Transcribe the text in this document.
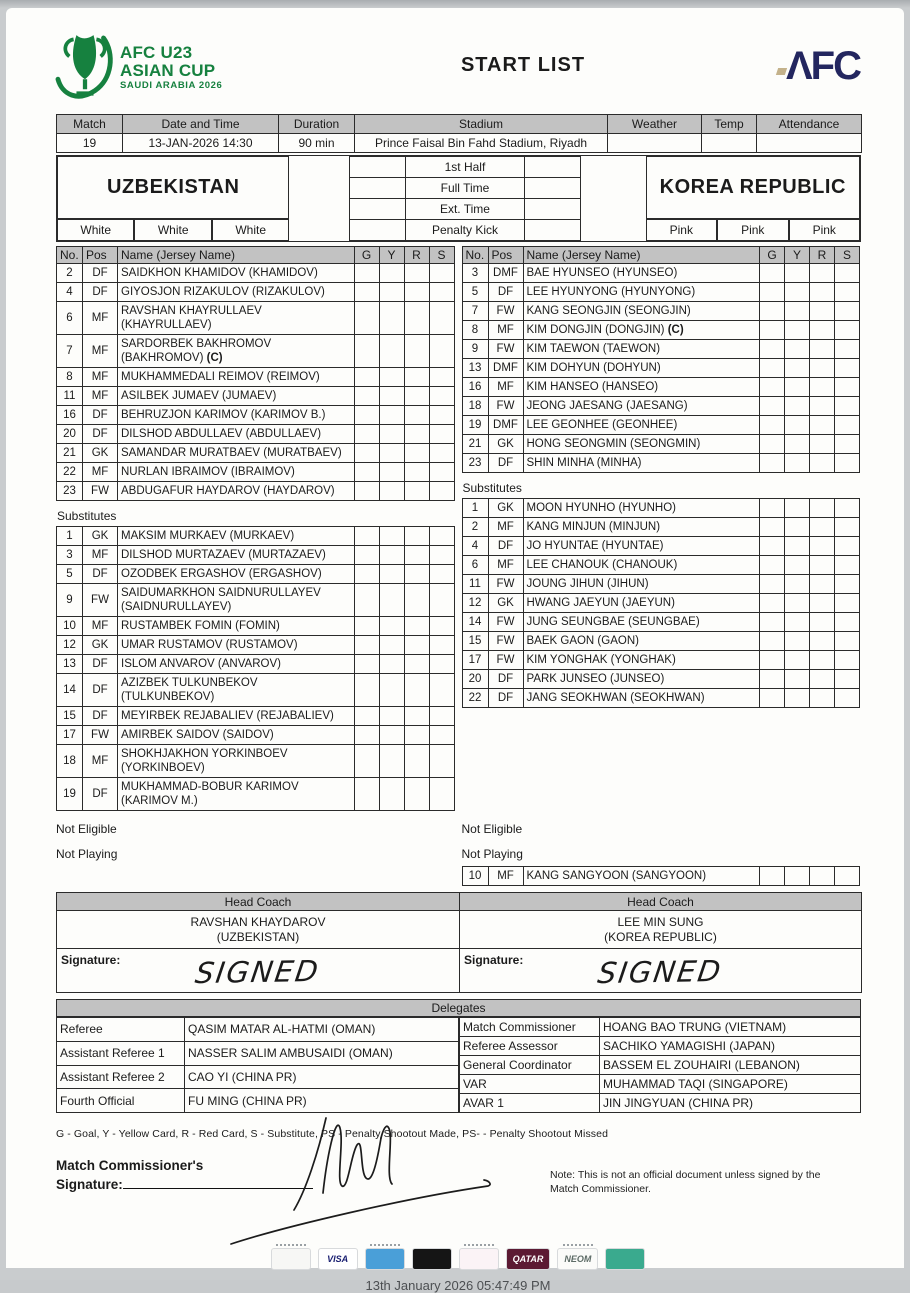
AFC U23
ASIAN CUP
SAUDI ARABIA 2026
START LIST	ΛFC
Match	Date and Time	Duration	Stadium	Weather	Temp	Attendance
19	13-JAN-2026 14:30	90 min	Prince Faisal Bin Fahd Stadium, Riyadh			
UZBEKISTAN
White	White	White
	1st Half	
	Full Time	
	Ext. Time	
	Penalty Kick	
KOREA REPUBLIC
Pink	Pink	Pink
No.	Pos	Name (Jersey Name)	G	Y	R	S
2	DF	SAIDKHON KHAMIDOV (KHAMIDOV)				
4	DF	GIYOSJON RIZAKULOV (RIZAKULOV)				
6	MF	RAVSHAN KHAYRULLAEV (KHAYRULLAEV)				
7	MF	SARDORBEK BAKHROMOV (BAKHROMOV) (C)				
8	MF	MUKHAMMEDALI REIMOV (REIMOV)				
11	MF	ASILBEK JUMAEV (JUMAEV)				
16	DF	BEHRUZJON KARIMOV (KARIMOV B.)				
20	DF	DILSHOD ABDULLAEV (ABDULLAEV)				
21	GK	SAMANDAR MURATBAEV (MURATBAEV)				
22	MF	NURLAN IBRAIMOV (IBRAIMOV)				
23	FW	ABDUGAFUR HAYDAROV (HAYDAROV)				
Substitutes
1	GK	MAKSIM MURKAEV (MURKAEV)				
3	MF	DILSHOD MURTAZAEV (MURTAZAEV)				
5	DF	OZODBEK ERGASHOV (ERGASHOV)				
9	FW	SAIDUMARKHON SAIDNURULLAYEV (SAIDNURULLAYEV)				
10	MF	RUSTAMBEK FOMIN (FOMIN)				
12	GK	UMAR RUSTAMOV (RUSTAMOV)				
13	DF	ISLOM ANVAROV (ANVAROV)				
14	DF	AZIZBEK TULKUNBEKOV (TULKUNBEKOV)				
15	DF	MEYIRBEK REJABALIEV (REJABALIEV)				
17	FW	AMIRBEK SAIDOV (SAIDOV)				
18	MF	SHOKHJAKHON YORKINBOEV (YORKINBOEV)				
19	DF	MUKHAMMAD-BOBUR KARIMOV (KARIMOV M.)				
No.	Pos	Name (Jersey Name)	G	Y	R	S
3	DMF	BAE HYUNSEO (HYUNSEO)				
5	DF	LEE HYUNYONG (HYUNYONG)				
7	FW	KANG SEONGJIN (SEONGJIN)				
8	MF	KIM DONGJIN (DONGJIN) (C)				
9	FW	KIM TAEWON (TAEWON)				
13	DMF	KIM DOHYUN (DOHYUN)				
16	MF	KIM HANSEO (HANSEO)				
18	FW	JEONG JAESANG (JAESANG)				
19	DMF	LEE GEONHEE (GEONHEE)				
21	GK	HONG SEONGMIN (SEONGMIN)				
23	DF	SHIN MINHA (MINHA)				
Substitutes
1	GK	MOON HYUNHO (HYUNHO)				
2	MF	KANG MINJUN (MINJUN)				
4	DF	JO HYUNTAE (HYUNTAE)				
6	MF	LEE CHANOUK (CHANOUK)				
11	FW	JOUNG JIHUN (JIHUN)				
12	GK	HWANG JAEYUN (JAEYUN)				
14	FW	JUNG SEUNGBAE (SEUNGBAE)				
15	FW	BAEK GAON (GAON)				
17	FW	KIM YONGHAK (YONGHAK)				
20	DF	PARK JUNSEO (JUNSEO)				
22	DF	JANG SEOKHWAN (SEOKHWAN)				
Not Eligible
Not Playing
Not Eligible
Not Playing
10	MF	KANG SANGYOON (SANGYOON)				
Head Coach	Head Coach

RAVSHAN KHAYDAROV
(UZBEKISTAN)

LEE MIN SUNG
(KOREA REPUBLIC)

Signature: SIGNED	Signature: SIGNED
Delegates
Referee	QASIM MATAR AL-HATMI (OMAN)
Assistant Referee 1	NASSER SALIM AMBUSAIDI (OMAN)
Assistant Referee 2	CAO YI (CHINA PR)
Fourth Official	FU MING (CHINA PR)
Match Commissioner	HOANG BAO TRUNG (VIETNAM)
Referee Assessor	SACHIKO YAMAGISHI (JAPAN)
General Coordinator	BASSEM EL ZOUHAIRI (LEBANON)
VAR	MUHAMMAD TAQI (SINGAPORE)
AVAR 1	JIN JINGYUAN (CHINA PR)
G - Goal, Y - Yellow Card, R - Red Card, S - Substitute, PS - Penalty Shootout Made, PS- - Penalty Shootout Missed
Match Commissioner's
Signature:
Note: This is not an official document unless signed by the Match Commissioner.
VISA	QATAR	NEOM
13th January 2026 05:47:49 PM
